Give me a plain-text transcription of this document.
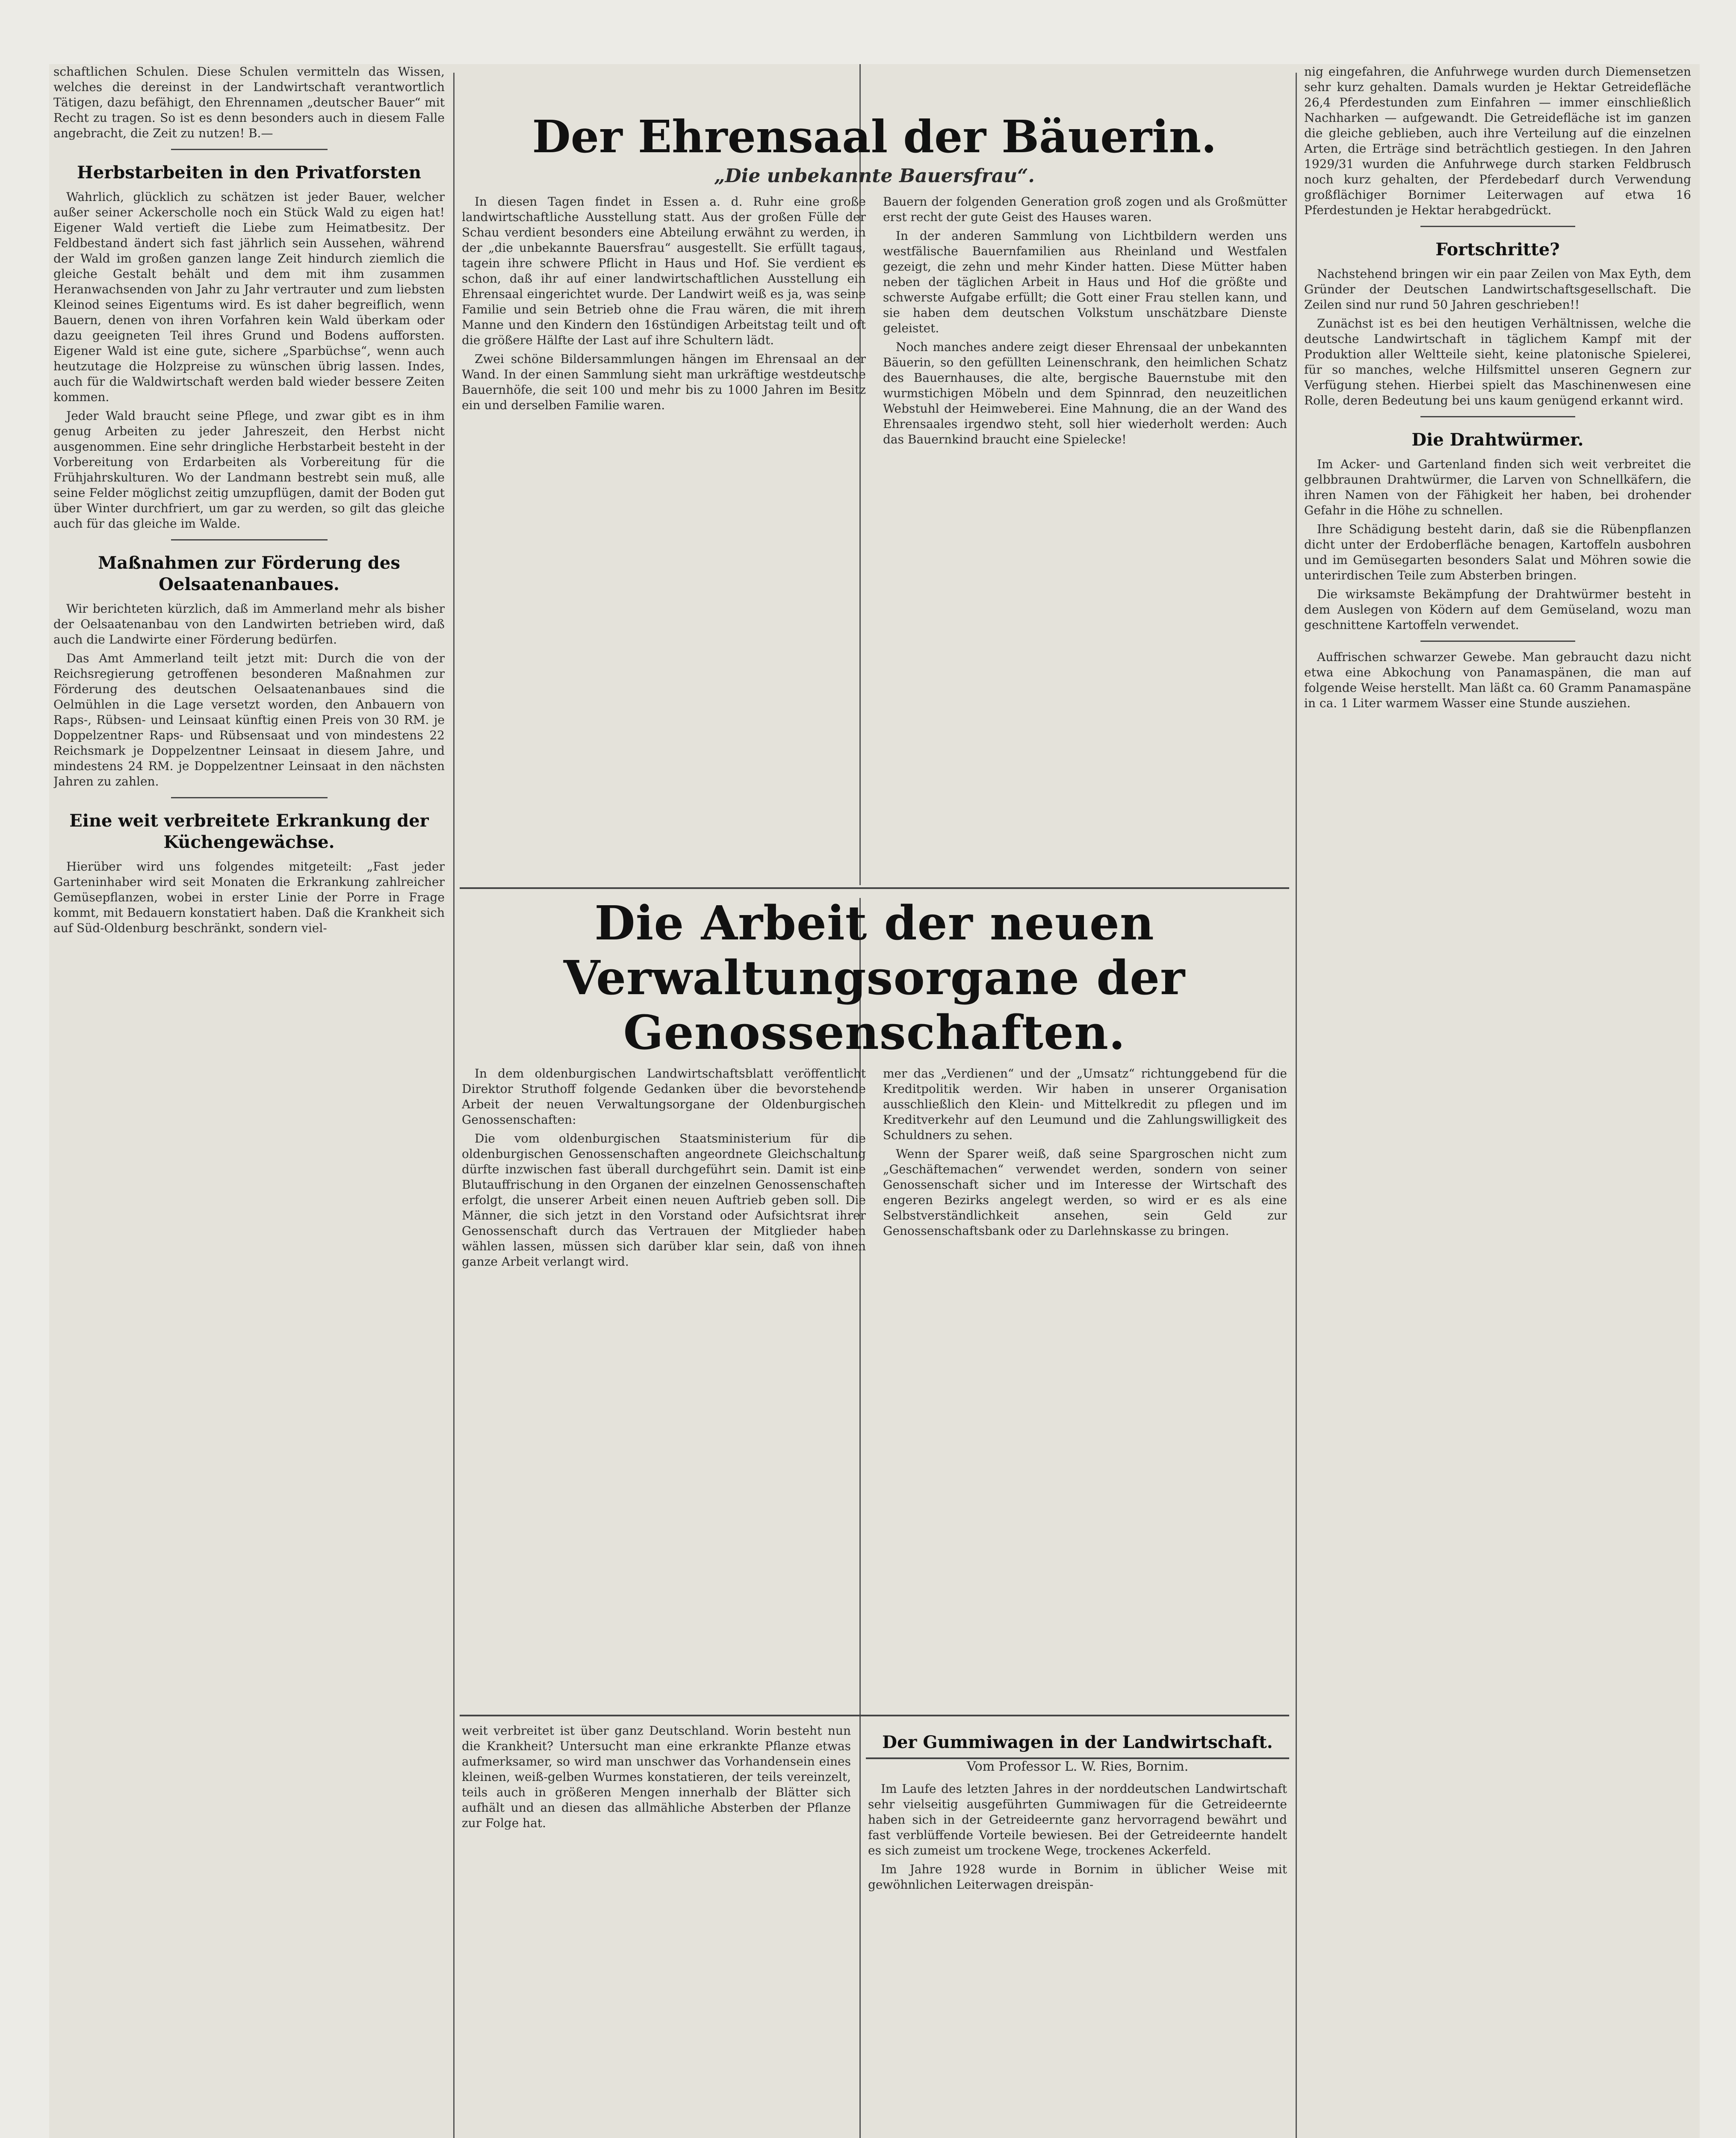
schaftlichen Schulen. Diese Schulen vermitteln das Wissen, welches die dereinst in der Landwirtschaft verantwortlich Tätigen, dazu befähigt, den Ehrennamen „deutscher Bauer“ mit Recht zu tragen. So ist es denn besonders auch in diesem Falle angebracht, die Zeit zu nutzen! B.—

Herbstarbeiten in den Privatforsten

Wahrlich, glücklich zu schätzen ist jeder Bauer, welcher außer seiner Ackerscholle noch ein Stück Wald zu eigen hat! Eigener Wald vertieft die Liebe zum Heimatbesitz. Der Feldbestand ändert sich fast jährlich sein Aussehen, während der Wald im großen ganzen lange Zeit hindurch ziemlich die gleiche Gestalt behält und dem mit ihm zusammen Heranwachsenden von Jahr zu Jahr vertrauter und zum liebsten Kleinod seines Eigentums wird. Es ist daher begreiflich, wenn Bauern, denen von ihren Vorfahren kein Wald überkam oder dazu geeigneten Teil ihres Grund und Bodens aufforsten. Eigener Wald ist eine gute, sichere „Sparbüchse“, wenn auch heutzutage die Holzpreise zu wünschen übrig lassen. Indes, auch für die Waldwirtschaft werden bald wieder bessere Zeiten kommen.

Jeder Wald braucht seine Pflege, und zwar gibt es in ihm genug Arbeiten zu jeder Jahreszeit, den Herbst nicht ausgenommen. Eine sehr dringliche Herbstarbeit besteht in der Vorbereitung von Erdarbeiten als Vorbereitung für die Frühjahrskulturen. Wo der Landmann bestrebt sein muß, alle seine Felder möglichst zeitig umzupflügen, damit der Boden gut über Winter durchfriert, um gar zu werden, so gilt das gleiche auch für das gleiche im Walde.

Maßnahmen zur Förderung des Oelsaatenanbaues.

Wir berichteten kürzlich, daß im Ammerland mehr als bisher der Oelsaatenanbau von den Landwirten betrieben wird, daß auch die Landwirte einer Förderung bedürfen.

Das Amt Ammerland teilt jetzt mit: Durch die von der Reichsregierung getroffenen besonderen Maßnahmen zur Förderung des deutschen Oelsaatenanbaues sind die Oelmühlen in die Lage versetzt worden, den Anbauern von Raps-, Rübsen- und Leinsaat künftig einen Preis von 30 RM. je Doppelzentner Raps- und Rübsensaat und von mindestens 22 Reichsmark je Doppelzentner Leinsaat in diesem Jahre, und mindestens 24 RM. je Doppelzentner Leinsaat in den nächsten Jahren zu zahlen.

Eine weit verbreitete Erkrankung der Küchengewächse.

Hierüber wird uns folgendes mitgeteilt: „Fast jeder Garteninhaber wird seit Monaten die Erkrankung zahlreicher Gemüsepflanzen, wobei in erster Linie der Porre in Frage kommt, mit Bedauern konstatiert haben. Daß die Krankheit sich auf Süd-Oldenburg beschränkt, sondern viel-

Der Ehrensaal der Bäuerin.
„Die unbekannte Bauersfrau“.

In diesen Tagen findet in Essen a. d. Ruhr eine große landwirtschaftliche Ausstellung statt. Aus der großen Fülle der Schau verdient besonders eine Abteilung erwähnt zu werden, in der „die unbekannte Bauersfrau“ ausgestellt. Sie erfüllt tagaus, tagein ihre schwere Pflicht in Haus und Hof. Sie verdient es schon, daß ihr auf einer landwirtschaftlichen Ausstellung ein Ehrensaal eingerichtet wurde. Der Landwirt weiß es ja, was seine Familie und sein Betrieb ohne die Frau wären, die mit ihrem Manne und den Kindern den 16stündigen Arbeitstag teilt und oft die größere Hälfte der Last auf ihre Schultern lädt.

Zwei schöne Bildersammlungen hängen im Ehrensaal an der Wand. In der einen Sammlung sieht man urkräftige westdeutsche Bauernhöfe, die seit 100 und mehr bis zu 1000 Jahren im Besitz ein und derselben Familie waren.

Bauern der folgenden Generation groß zogen und als Großmütter erst recht der gute Geist des Hauses waren.

In der anderen Sammlung von Lichtbildern werden uns westfälische Bauernfamilien aus Rheinland und Westfalen gezeigt, die zehn und mehr Kinder hatten. Diese Mütter haben neben der täglichen Arbeit in Haus und Hof die größte und schwerste Aufgabe erfüllt; die Gott einer Frau stellen kann, und sie haben dem deutschen Volkstum unschätzbare Dienste geleistet.

Noch manches andere zeigt dieser Ehrensaal der unbekannten Bäuerin, so den gefüllten Leinenschrank, den heimlichen Schatz des Bauernhauses, die alte, bergische Bauernstube mit den wurmstichigen Möbeln und dem Spinnrad, den neuzeitlichen Webstuhl der Heimweberei. Eine Mahnung, die an der Wand des Ehrensaales irgendwo steht, soll hier wiederholt werden: Auch das Bauernkind braucht eine Spielecke!

Die Arbeit der neuen Verwaltungsorgane der Genossenschaften.

In dem oldenburgischen Landwirtschaftsblatt veröffentlicht Direktor Struthoff folgende Gedanken über die bevorstehende Arbeit der neuen Verwaltungsorgane der Oldenburgischen Genossenschaften:

Die vom oldenburgischen Staatsministerium für die oldenburgischen Genossenschaften angeordnete Gleichschaltung dürfte inzwischen fast überall durchgeführt sein. Damit ist eine Blutauffrischung in den Organen der einzelnen Genossenschaften erfolgt, die unserer Arbeit einen neuen Auftrieb geben soll. Die Männer, die sich jetzt in den Vorstand oder Aufsichtsrat ihrer Genossenschaft durch das Vertrauen der Mitglieder haben wählen lassen, müssen sich darüber klar sein, daß von ihnen ganze Arbeit verlangt wird.

mer das „Verdienen“ und der „Umsatz“ richtunggebend für die Kreditpolitik werden. Wir haben in unserer Organisation ausschließlich den Klein- und Mittelkredit zu pflegen und im Kreditverkehr auf den Leumund und die Zahlungswilligkeit des Schuldners zu sehen.

Wenn der Sparer weiß, daß seine Spargroschen nicht zum „Geschäftemachen“ verwendet werden, sondern von seiner Genossenschaft sicher und im Interesse der Wirtschaft des engeren Bezirks angelegt werden, so wird er es als eine Selbstverständlichkeit ansehen, sein Geld zur Genossenschaftsbank oder zu Darlehnskasse zu bringen.

weit verbreitet ist über ganz Deutschland. Worin besteht nun die Krankheit? Untersucht man eine erkrankte Pflanze etwas aufmerksamer, so wird man unschwer das Vorhandensein eines kleinen, weiß-gelben Wurmes konstatieren, der teils vereinzelt, teils auch in größeren Mengen innerhalb der Blätter sich aufhält und an diesen das allmähliche Absterben der Pflanze zur Folge hat.

Der Gummiwagen in der Landwirtschaft.
Vom Professor L. W. Ries, Bornim.

Im Laufe des letzten Jahres in der norddeutschen Landwirtschaft sehr vielseitig ausgeführten Gummiwagen für die Getreideernte haben sich in der Getreideernte ganz hervorragend bewährt und fast verblüffende Vorteile bewiesen. Bei der Getreideernte handelt es sich zumeist um trockene Wege, trockenes Ackerfeld.

Im Jahre 1928 wurde in Bornim in üblicher Weise mit gewöhnlichen Leiterwagen dreispän-

nig eingefahren, die Anfuhrwege wurden durch Diemensetzen sehr kurz gehalten. Damals wurden je Hektar Getreidefläche 26,4 Pferdestunden zum Einfahren — immer einschließlich Nachharken — aufgewandt. Die Getreidefläche ist im ganzen die gleiche geblieben, auch ihre Verteilung auf die einzelnen Arten, die Erträge sind beträchtlich gestiegen. In den Jahren 1929/31 wurden die Anfuhrwege durch starken Feldbrusch noch kurz gehalten, der Pferdebedarf durch Verwendung großflächiger Bornimer Leiterwagen auf etwa 16 Pferdestunden je Hektar herabgedrückt.

Fortschritte?

Nachstehend bringen wir ein paar Zeilen von Max Eyth, dem Gründer der Deutschen Landwirtschaftsgesellschaft. Die Zeilen sind nur rund 50 Jahren geschrieben!!

Zunächst ist es bei den heutigen Verhältnissen, welche die deutsche Landwirtschaft in täglichem Kampf mit der Produktion aller Weltteile sieht, keine platonische Spielerei, für so manches, welche Hilfsmittel unseren Gegnern zur Verfügung stehen. Hierbei spielt das Maschinenwesen eine Rolle, deren Bedeutung bei uns kaum genügend erkannt wird.

Die Drahtwürmer.

Im Acker- und Gartenland finden sich weit verbreitet die gelbbraunen Drahtwürmer, die Larven von Schnellkäfern, die ihren Namen von der Fähigkeit her haben, bei drohender Gefahr in die Höhe zu schnellen.

Ihre Schädigung besteht darin, daß sie die Rübenpflanzen dicht unter der Erdoberfläche benagen, Kartoffeln ausbohren und im Gemüsegarten besonders Salat und Möhren sowie die unterirdischen Teile zum Absterben bringen.

Die wirksamste Bekämpfung der Drahtwürmer besteht in dem Auslegen von Ködern auf dem Gemüseland, wozu man geschnittene Kartoffeln verwendet.

Auffrischen schwarzer Gewebe. Man gebraucht dazu nicht etwa eine Abkochung von Panamaspänen, die man auf folgende Weise herstellt. Man läßt ca. 60 Gramm Panamaspäne in ca. 1 Liter warmem Wasser eine Stunde ausziehen.
